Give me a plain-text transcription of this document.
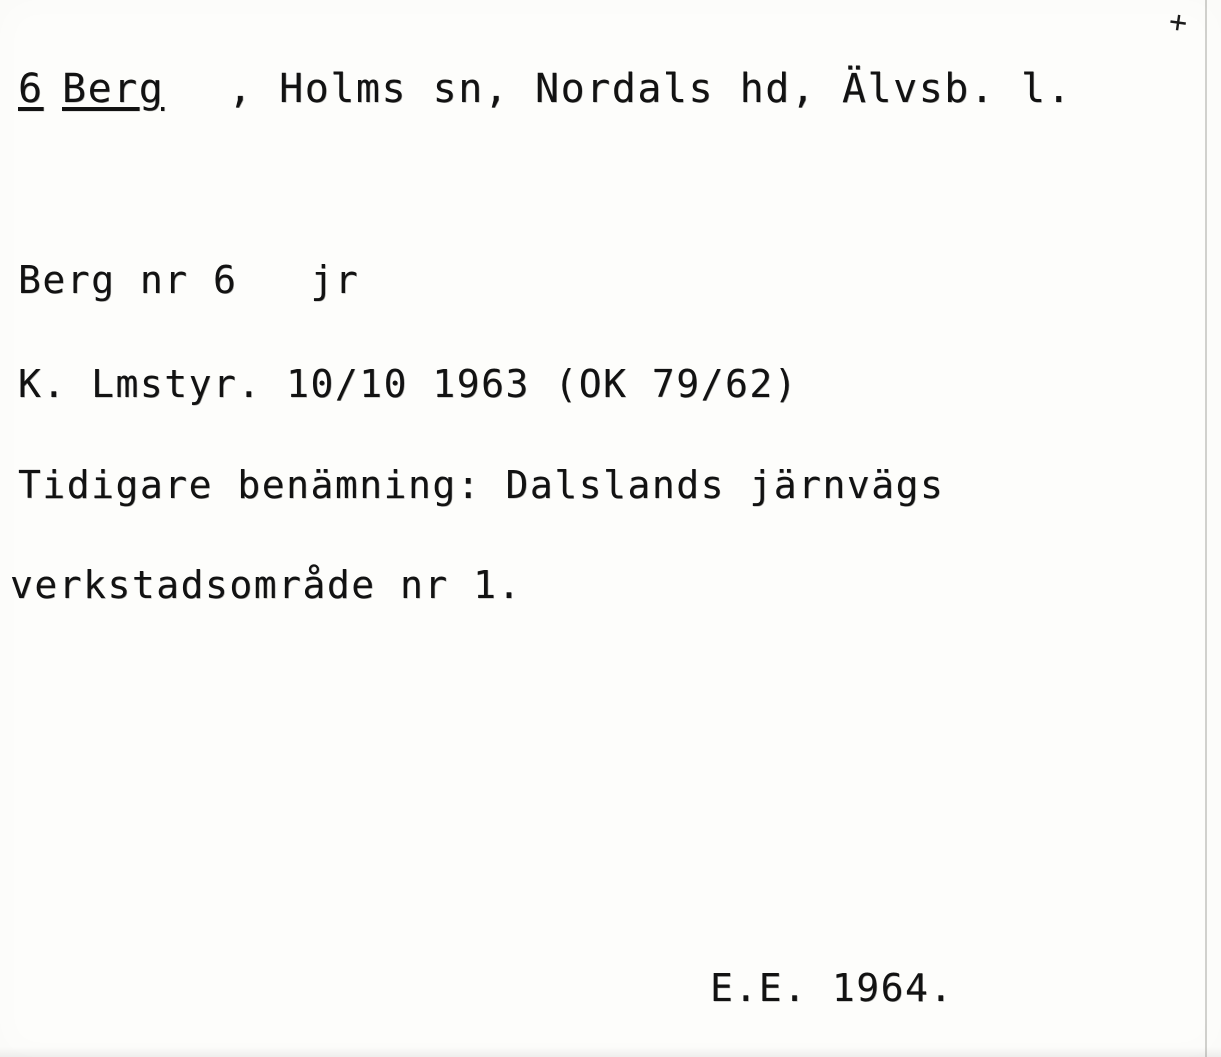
+
6 Berg , Holms sn, Nordals hd, Älvsb. l.
Berg nr 6   jr
K. Lmstyr. 10/10 1963 (OK 79/62)
Tidigare benämning: Dalslands järnvägs
verkstadsområde nr 1.
E.E. 1964.
